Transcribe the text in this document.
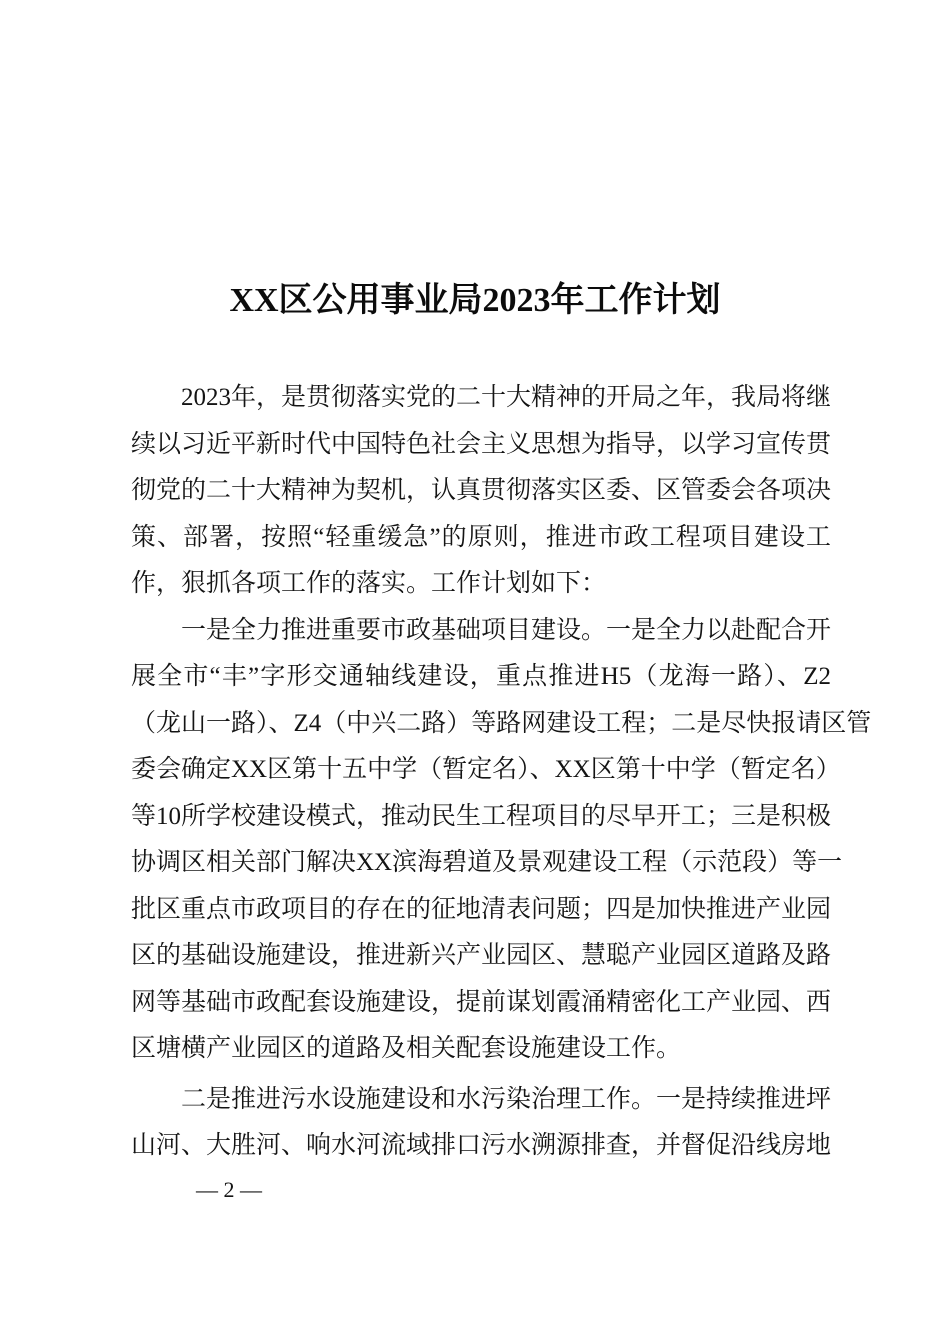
XX区公用事业局2023年工作计划
2023年，是贯彻落实党的二十大精神的开局之年，我局将继
续以习近平新时代中国特色社会主义思想为指导，以学习宣传贯
彻党的二十大精神为契机，认真贯彻落实区委、区管委会各项决
策、部署，按照“轻重缓急”的原则，推进市政工程项目建设工
作，狠抓各项工作的落实。工作计划如下：
一是全力推进重要市政基础项目建设。一是全力以赴配合开
展全市“丰”字形交通轴线建设，重点推进H5（龙海一路）、Z2
（龙山一路）、Z4（中兴二路）等路网建设工程；二是尽快报请区管
委会确定XX区第十五中学（暂定名）、XX区第十中学（暂定名）
等10所学校建设模式，推动民生工程项目的尽早开工；三是积极
协调区相关部门解决XX滨海碧道及景观建设工程（示范段）等一
批区重点市政项目的存在的征地清表问题；四是加快推进产业园
区的基础设施建设，推进新兴产业园区、慧聪产业园区道路及路
网等基础市政配套设施建设，提前谋划霞涌精密化工产业园、西
区塘横产业园区的道路及相关配套设施建设工作。
二是推进污水设施建设和水污染治理工作。一是持续推进坪
山河、大胜河、响水河流域排口污水溯源排查，并督促沿线房地
— 2 —
